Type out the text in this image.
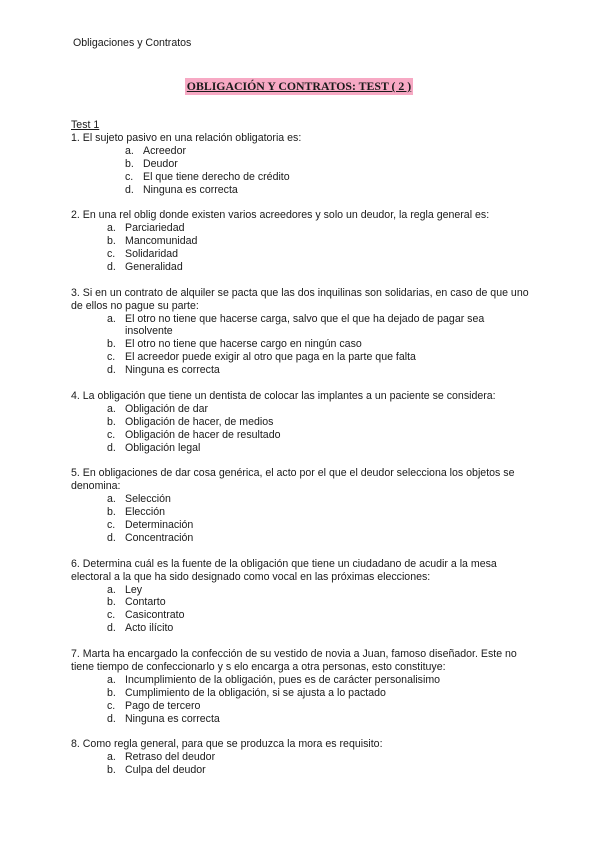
Obligaciones y Contratos
OBLIGACIÓN Y CONTRATOS: TEST ( 2 )
Test 1

1. El sujeto pasivo en una relación obligatoria es:

a. Acreedor
b. Deudor
c. El que tiene derecho de crédito
d. Ninguna es correcta

2. En una rel oblig donde existen varios acreedores y solo un deudor, la regla general es:

a. Parciariedad
b. Mancomunidad
c. Solidaridad
d. Generalidad

3. Si en un contrato de alquiler se pacta que las dos inquilinas son solidarias, en caso de que uno de ellos no pague su parte:

a. El otro no tiene que hacerse carga, salvo que el que ha dejado de pagar sea insolvente
b. El otro no tiene que hacerse cargo en ningún caso
c. El acreedor puede exigir al otro que paga en la parte que falta
d. Ninguna es correcta

4. La obligación que tiene un dentista de colocar las implantes a un paciente se considera:

a. Obligación de dar
b. Obligación de hacer, de medios
c. Obligación de hacer de resultado
d. Obligación legal

5. En obligaciones de dar cosa genérica, el acto por el que el deudor selecciona los objetos se denomina:

a. Selección
b. Elección
c. Determinación
d. Concentración

6. Determina cuál es la fuente de la obligación que tiene un ciudadano de acudir a la mesa electoral a la que ha sido designado como vocal en las próximas elecciones:

a. Ley
b. Contarto
c. Casicontrato
d. Acto ilícito

7. Marta ha encargado la confección de su vestido de novia a Juan, famoso diseñador. Este no tiene tiempo de confeccionarlo y s elo encarga a otra personas, esto constituye:

a. Incumplimiento de la obligación, pues es de carácter personalisimo
b. Cumplimiento de la obligación, si se ajusta a lo pactado
c. Pago de tercero
d. Ninguna es correcta

8. Como regla general, para que se produzca la mora es requisito:

a. Retraso del deudor
b. Culpa del deudor
